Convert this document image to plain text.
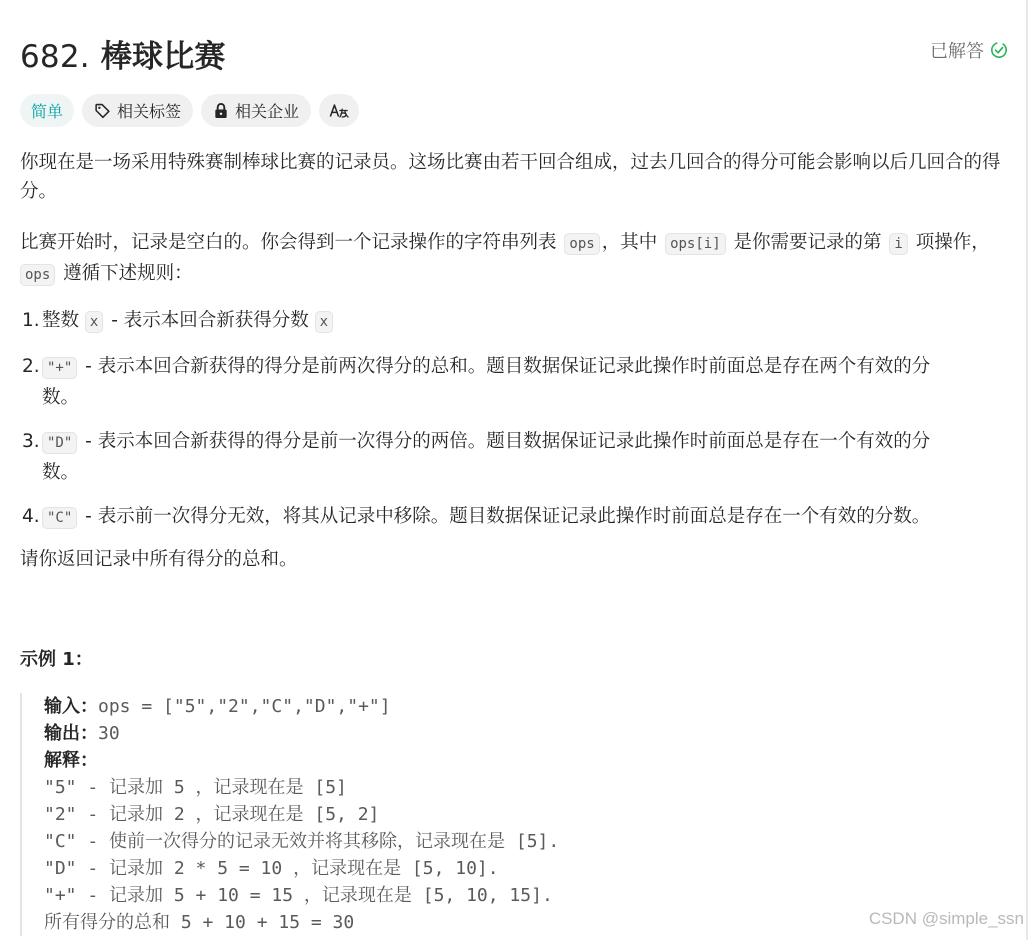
682. 棒球比赛	已解答
简单	相关标签	相关企业

你现在是一场采用特殊赛制棒球比赛的记录员。这场比赛由若干回合组成，过去几回合的得分可能会影响以后几回合的得分。

比赛开始时，记录是空白的。你会得到一个记录操作的字符串列表 ops ，其中 ops[i] 是你需要记录的第 i 项操作，
ops 遵循下述规则：

1. 整数 x - 表示本回合新获得分数 x
2. "+" - 表示本回合新获得的得分是前两次得分的总和。题目数据保证记录此操作时前面总是存在两个有效的分数。
3. "D" - 表示本回合新获得的得分是前一次得分的两倍。题目数据保证记录此操作时前面总是存在一个有效的分数。
4. "C" - 表示前一次得分无效，将其从记录中移除。题目数据保证记录此操作时前面总是存在一个有效的分数。

请你返回记录中所有得分的总和。

示例 1：
输入：ops = ["5","2","C","D","+"]
输出：30
解释：
"5" - 记录加 5 ，记录现在是 [5]
"2" - 记录加 2 ，记录现在是 [5, 2]
"C" - 使前一次得分的记录无效并将其移除，记录现在是 [5].
"D" - 记录加 2 * 5 = 10 ，记录现在是 [5, 10].
"+" - 记录加 5 + 10 = 15 ，记录现在是 [5, 10, 15].
所有得分的总和 5 + 10 + 15 = 30	CSDN @simple_ssn
